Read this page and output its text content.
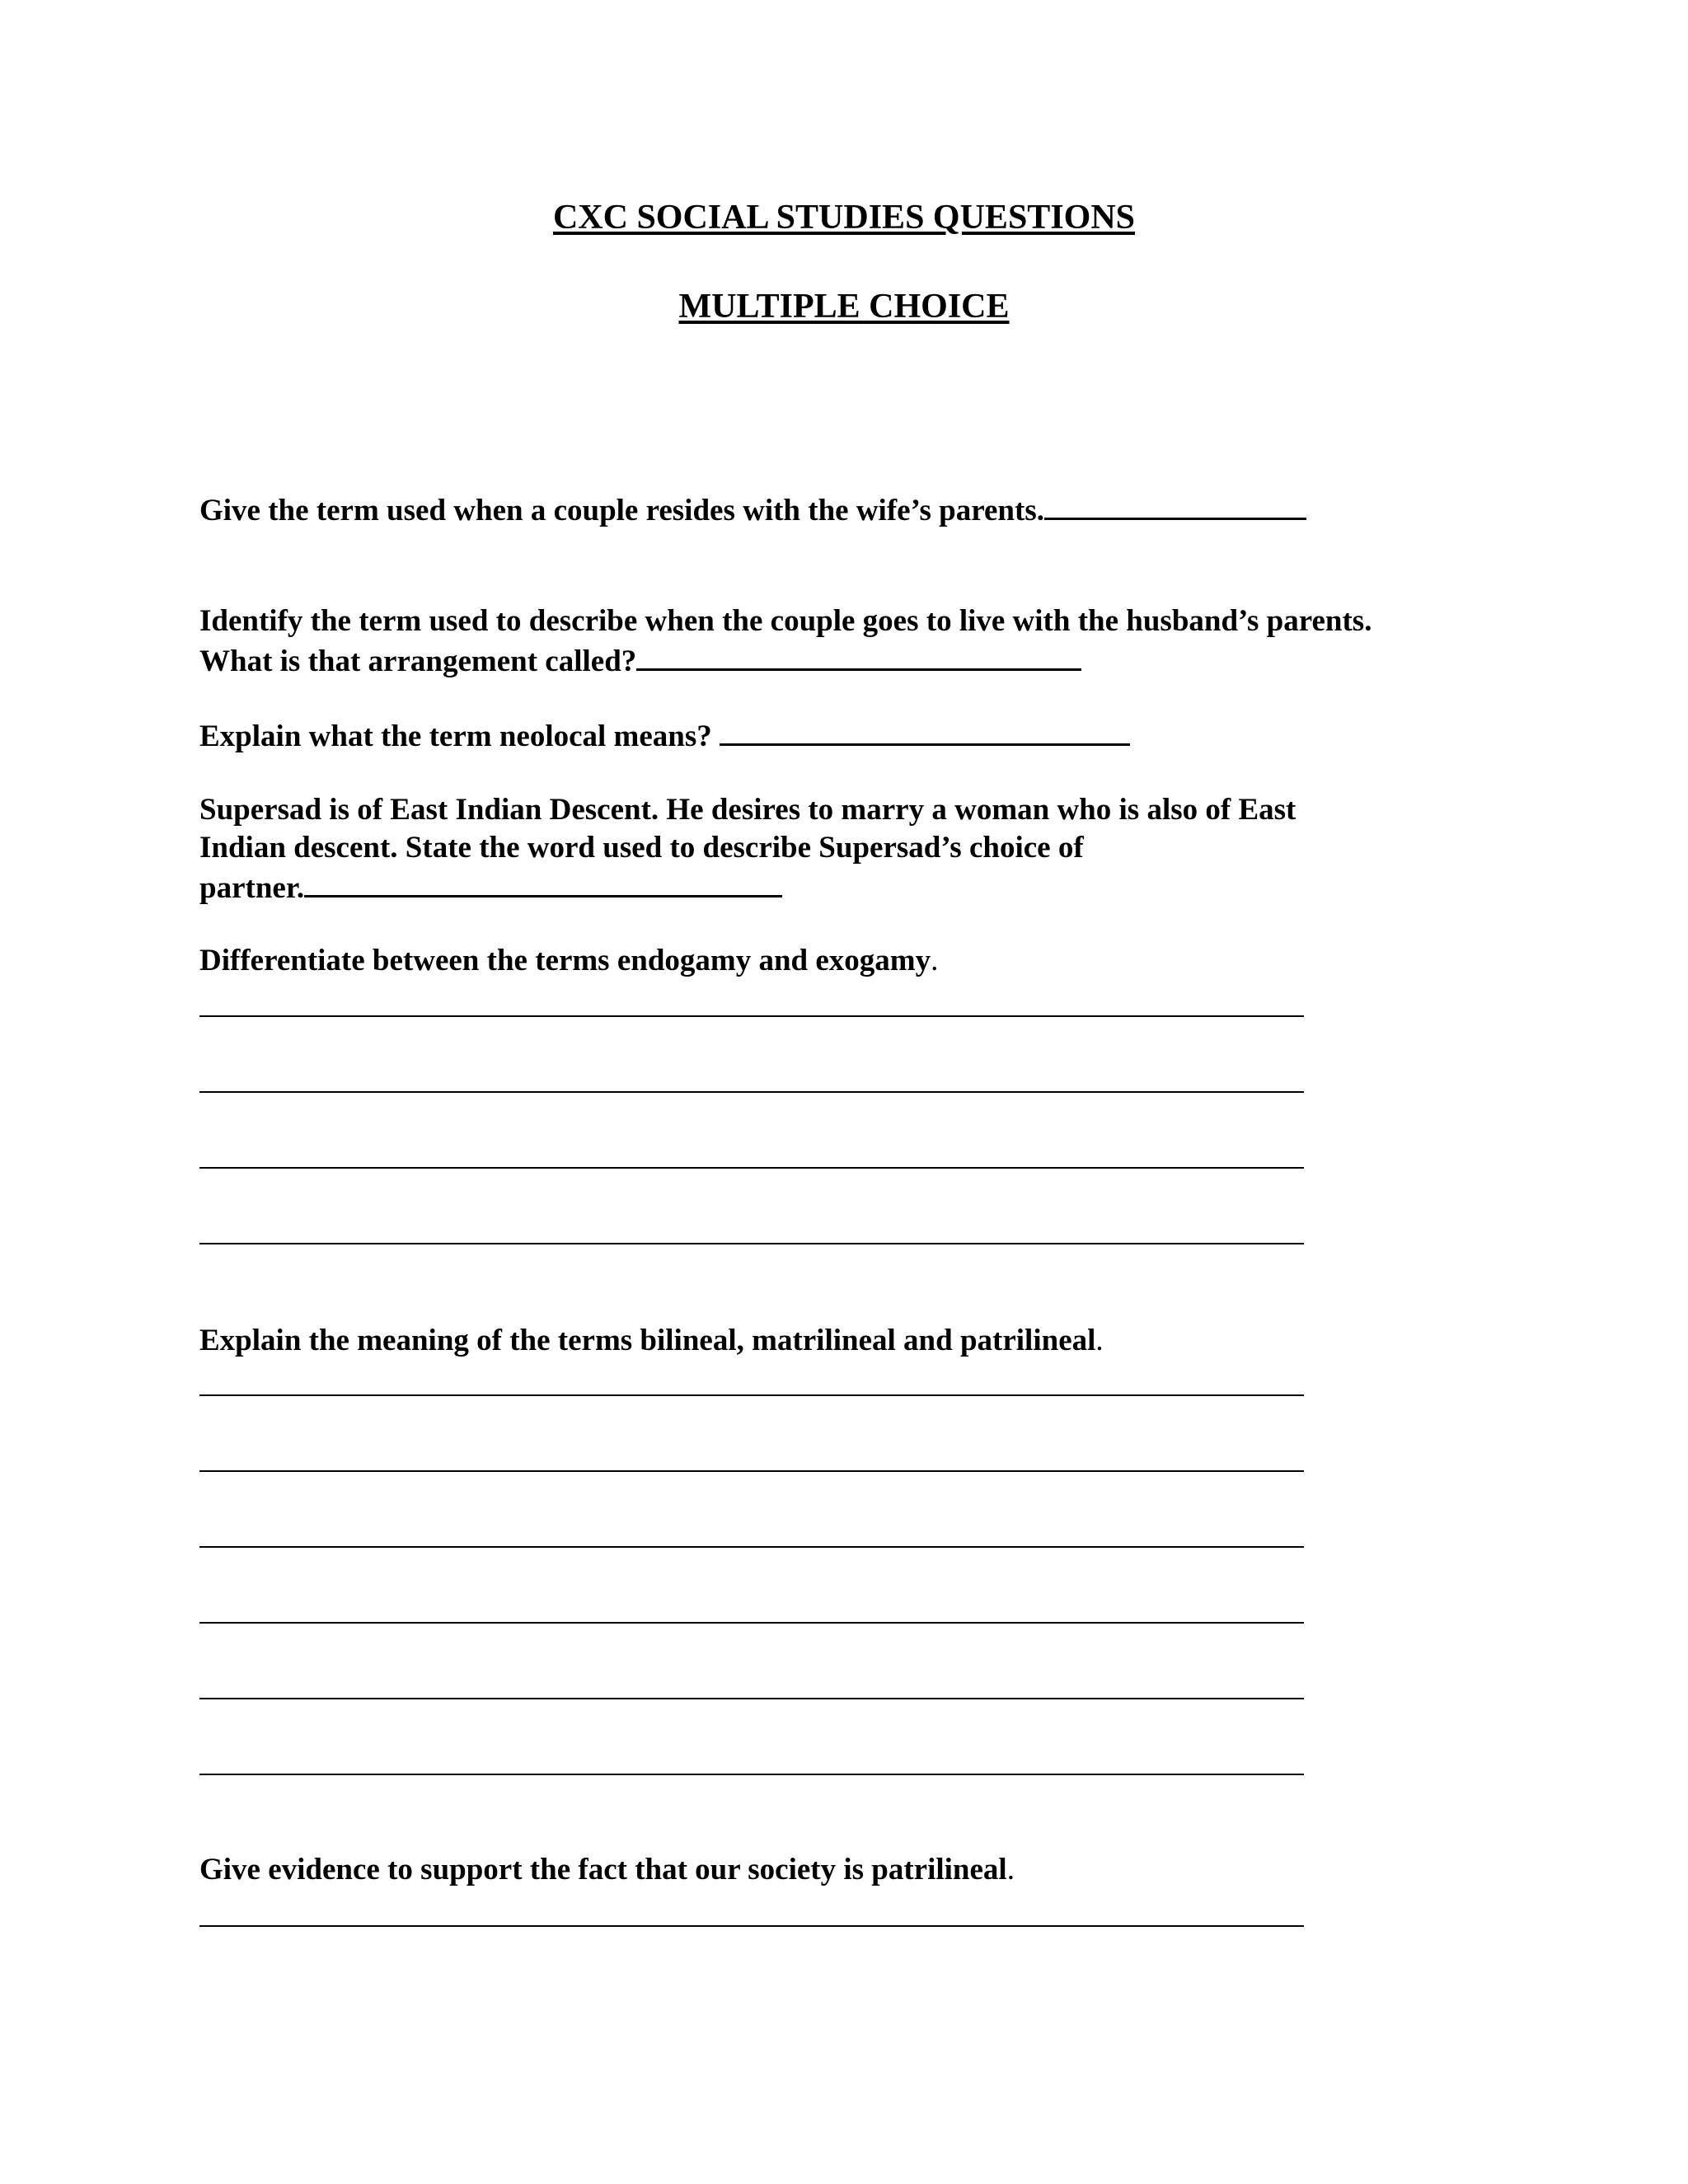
CXC SOCIAL STUDIES QUESTIONS
MULTIPLE CHOICE

Give the term used when a couple resides with the wife’s parents.

Identify the term used to describe when the couple goes to live with the husband’s parents.
What is that arrangement called?

Explain what the term neolocal means?

Supersad is of East Indian Descent. He desires to marry a woman who is also of East
Indian descent. State the word used to describe Supersad’s choice of
partner.

Differentiate between the terms endogamy and exogamy.

Explain the meaning of the terms bilineal, matrilineal and patrilineal.

Give evidence to support the fact that our society is patrilineal.
